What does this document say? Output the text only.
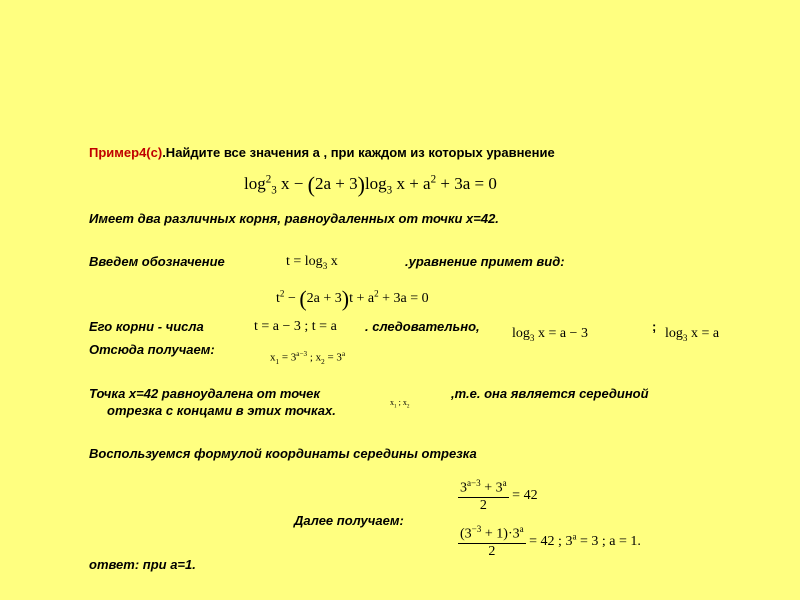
Пример4(с).Найдите все значения а , при каждом из которых уравнение
$\log^2_3 x - (2a + 3)\log_3$ $x + a^2 + 3a = 0$
Имеет два различных корня, равноудаленных от точки х=42.
Введем обозначение	$t = \log_3 x$	.уравнение примет вид:
$t^2 - (2a + 3)t + a^2 + 3a = 0$
Его корни - числа	t = a − 3 ; t = a . следовательно, $\log_3 x = a - 3$	; $\log_3 x = a$
Отсюда получаем:
$x_1 = 3^{a-3}$ ; $x_2 = 3^a$
Точка х=42 равноудалена от точек
$x_1$ ; $x_2$
,т.е. она является серединой
отрезка с концами в этих точках.
Воспользуемся формулой координаты середины отрезка
$\frac{3^{a-3} + 3^a}{2} = 42$
Далее получаем:
$\frac{(3^{-3} + 1)\cdot 3^a}{2} = 42$ ; $3^a = 3$ ; a = 1.
ответ: при а=1.
